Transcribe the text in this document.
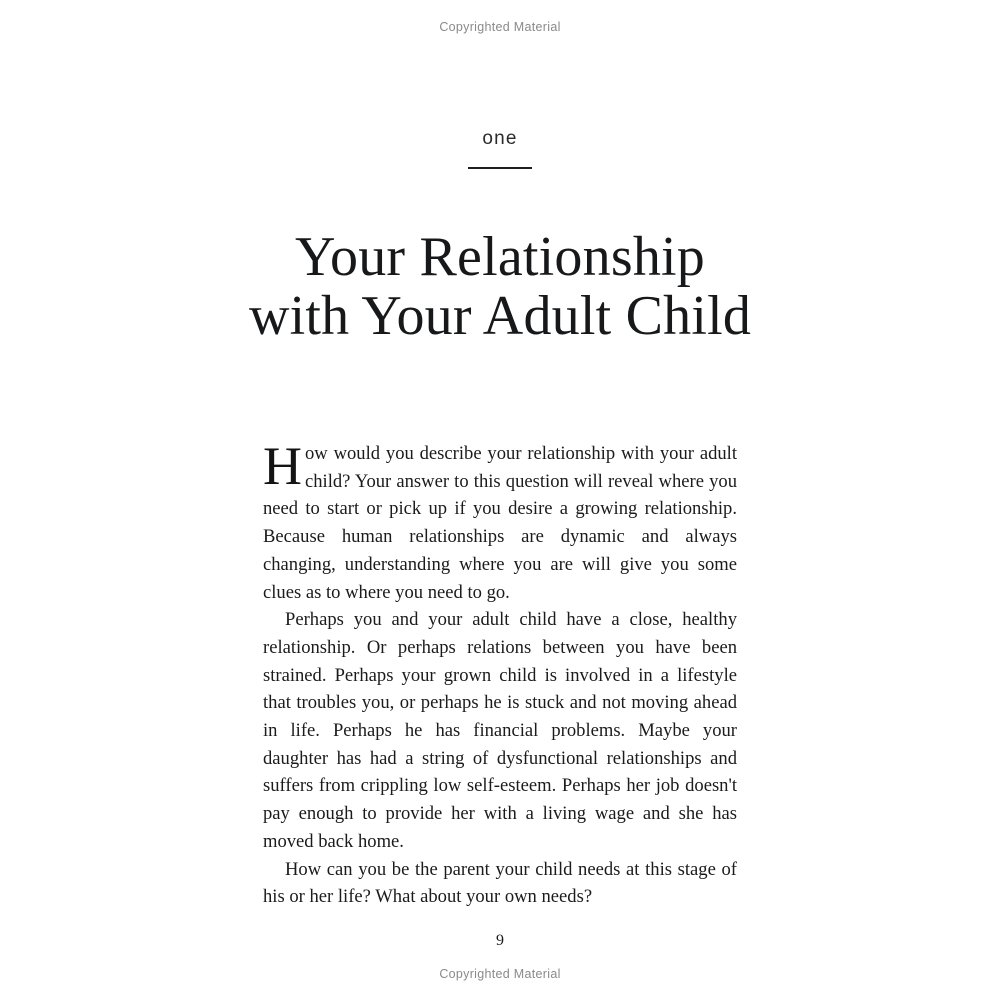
Copyrighted Material
one
Your Relationship
with Your Adult Child

How would you describe your relationship with your adult child? Your answer to this question will reveal where you need to start or pick up if you desire a growing relationship. Because human relationships are dynamic and always changing, understanding where you are will give you some clues as to where you need to go.

Perhaps you and your adult child have a close, healthy relationship. Or perhaps relations between you have been strained. Perhaps your grown child is involved in a lifestyle that troubles you, or perhaps he is stuck and not moving ahead in life. Perhaps he has financial problems. Maybe your daughter has had a string of dysfunctional relationships and suffers from crippling low self-esteem. Perhaps her job doesn't pay enough to provide her with a living wage and she has moved back home.

How can you be the parent your child needs at this stage of his or her life? What about your own needs?

9
Copyrighted Material
